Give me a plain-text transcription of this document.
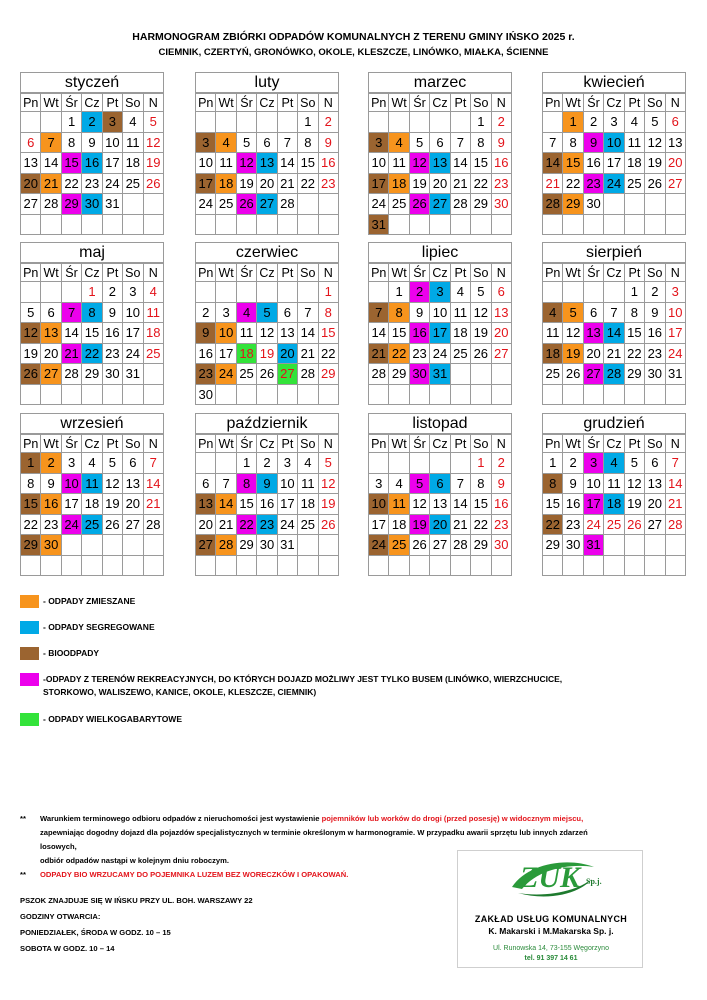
HARMONOGRAM ZBIÓRKI ODPADÓW KOMUNALNYCH Z TERENU GMINY IŃSKO 2025 r.
CIEMNIK, CZERTYŃ, GRONÓWKO, OKOLE, KLESZCZE, LINÓWKO, MIAŁKA, ŚCIENNE
styczeń
Pn	Wt	Śr	Cz	Pt	So	N
		1	2	3	4	5
6	7	8	9	10	11	12
13	14	15	16	17	18	19
20	21	22	23	24	25	26
27	28	29	30	31		

luty
Pn	Wt	Śr	Cz	Pt	So	N
					1	2
3	4	5	6	7	8	9
10	11	12	13	14	15	16
17	18	19	20	21	22	23
24	25	26	27	28		

marzec
Pn	Wt	Śr	Cz	Pt	So	N
					1	2
3	4	5	6	7	8	9
10	11	12	13	14	15	16
17	18	19	20	21	22	23
24	25	26	27	28	29	30
31						
kwiecień
Pn	Wt	Śr	Cz	Pt	So	N
	1	2	3	4	5	6
7	8	9	10	11	12	13
14	15	16	17	18	19	20
21	22	23	24	25	26	27
28	29	30				

maj
Pn	Wt	Śr	Cz	Pt	So	N
			1	2	3	4
5	6	7	8	9	10	11
12	13	14	15	16	17	18
19	20	21	22	23	24	25
26	27	28	29	30	31	

czerwiec
Pn	Wt	Śr	Cz	Pt	So	N
						1
2	3	4	5	6	7	8
9	10	11	12	13	14	15
16	17	18	19	20	21	22
23	24	25	26	27	28	29
30						
lipiec
Pn	Wt	Śr	Cz	Pt	So	N
	1	2	3	4	5	6
7	8	9	10	11	12	13
14	15	16	17	18	19	20
21	22	23	24	25	26	27
28	29	30	31			

sierpień
Pn	Wt	Śr	Cz	Pt	So	N
				1	2	3
4	5	6	7	8	9	10
11	12	13	14	15	16	17
18	19	20	21	22	23	24
25	26	27	28	29	30	31

wrzesień
Pn	Wt	Śr	Cz	Pt	So	N
1	2	3	4	5	6	7
8	9	10	11	12	13	14
15	16	17	18	19	20	21
22	23	24	25	26	27	28
29	30					

październik
Pn	Wt	Śr	Cz	Pt	So	N
		1	2	3	4	5
6	7	8	9	10	11	12
13	14	15	16	17	18	19
20	21	22	23	24	25	26
27	28	29	30	31		

listopad
Pn	Wt	Śr	Cz	Pt	So	N
					1	2
3	4	5	6	7	8	9
10	11	12	13	14	15	16
17	18	19	20	21	22	23
24	25	26	27	28	29	30

grudzień
Pn	Wt	Śr	Cz	Pt	So	N
1	2	3	4	5	6	7
8	9	10	11	12	13	14
15	16	17	18	19	20	21
22	23	24	25	26	27	28
29	30	31				

- ODPADY ZMIESZANE
- ODPADY SEGREGOWANE
- BIOODPADY
-ODPADY Z TERENÓW REKREACYJNYCH, DO KTÓRYCH DOJAZD MOŻLIWY JEST TYLKO BUSEM (LINÓWKO, WIERZCHUCICE,
STORKOWO, WALISZEWO, KANICE, OKOLE, KLESZCZE, CIEMNIK)
- ODPADY WIELKOGABARYTOWE
**	Warunkiem terminowego odbioru odpadów z nieruchomości jest wystawienie pojemników lub worków do drogi (przed posesję) w widocznym miejscu,
zapewniając dogodny dojazd dla pojazdów specjalistycznych w terminie określonym w harmonogramie. W przypadku awarii sprzętu lub innych zdarzeń losowych,
odbiór odpadów nastąpi w kolejnym dniu roboczym.
**	ODPADY BIO WRZUCAMY DO POJEMNIKA LUZEM BEZ WORECZKÓW I OPAKOWAŃ.
PSZOK ZNAJDUJE SIĘ W IŃSKU PRZY UL. BOH. WARSZAWY 22
GODZINY OTWARCIA:
PONIEDZIAŁEK, ŚRODA W GODZ. 10 – 15
SOBOTA W GODZ. 10 – 14
ZUK Sp.j.
ZAKŁAD USŁUG KOMUNALNYCH
K. Makarski i M.Makarska Sp. j.
Ul. Runowska 14, 73-155 Węgorzyno
tel. 91 397 14 61
